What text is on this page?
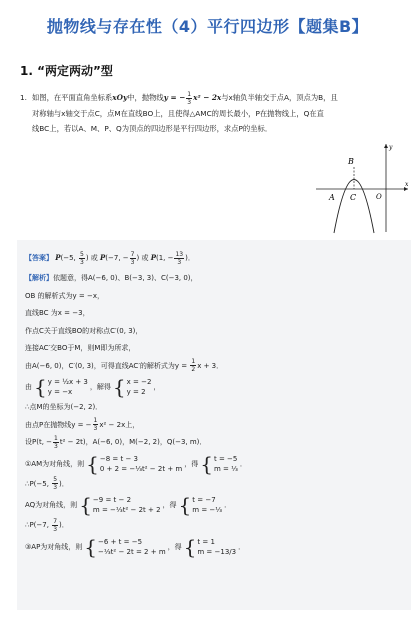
抛物线与存在性（4）平行四边形【题集B】
1. “两定两动”型
1. 如图，在平面直角坐标系xOy中，抛物线y = − $\frac{1}{3} x^2 - 2x$与x轴负半轴交于点A，顶点为B，且
对称轴与x轴交于点C，点M在直线BO上，且使得△AMC的周长最小，P在抛物线上，Q在直
线BC上，若以A、M、P、Q为顶点的四边形是平行四边形，求点P的坐标．
B
A C	O
x
y
【答案】 P(−5, $\frac{5}{3}$ ) 或 P(−7, − $\frac{7}{3}$ ) 或 P(1, − $\frac{13}{3}$ )．
【解析】依题意，得A(−6, 0)、B(−3, 3)、C(−3, 0)，
OB 的解析式为y = −x，
直线BC 为x = −3，
作点C关于直线BO的对称点C′(0, 3)，
连接AC′交BO于M，则M即为所求，
由A(−6, 0)，C′(0, 3)，可得直线AC′的解析式为$y = \frac{1}{2}$ x + 3．
由 { y = ½x + 3
y = −x
，解得 { x = −2
y = 2
，
∴点M的坐标为(−2, 2)．
由点P在抛物线y = − $\frac{1}{3} x^2 - 2x$上，
设P(t, − $\frac{1}{3} t^2 - 2t$)，A(−6, 0)，M(−2, 2)，Q(−3, m)．
①AM为对角线，则 { −8 = t − 3
0 + 2 = −⅓t² − 2t + m
，得 { t = −5
m = ⅓
．
∴P(−5, $\frac{5}{3}$ )．
AQ为对角线，则 { −9 = t − 2
m = −⅓t² − 2t + 2
，得 { t = −7
m = −⅓
．
∴P(−7, $\frac{7}{3}$ )．
③AP为对角线，则 { −6 + t = −5
−⅓t² − 2t = 2 + m
，得 { t = 1
m = −13/3
．
